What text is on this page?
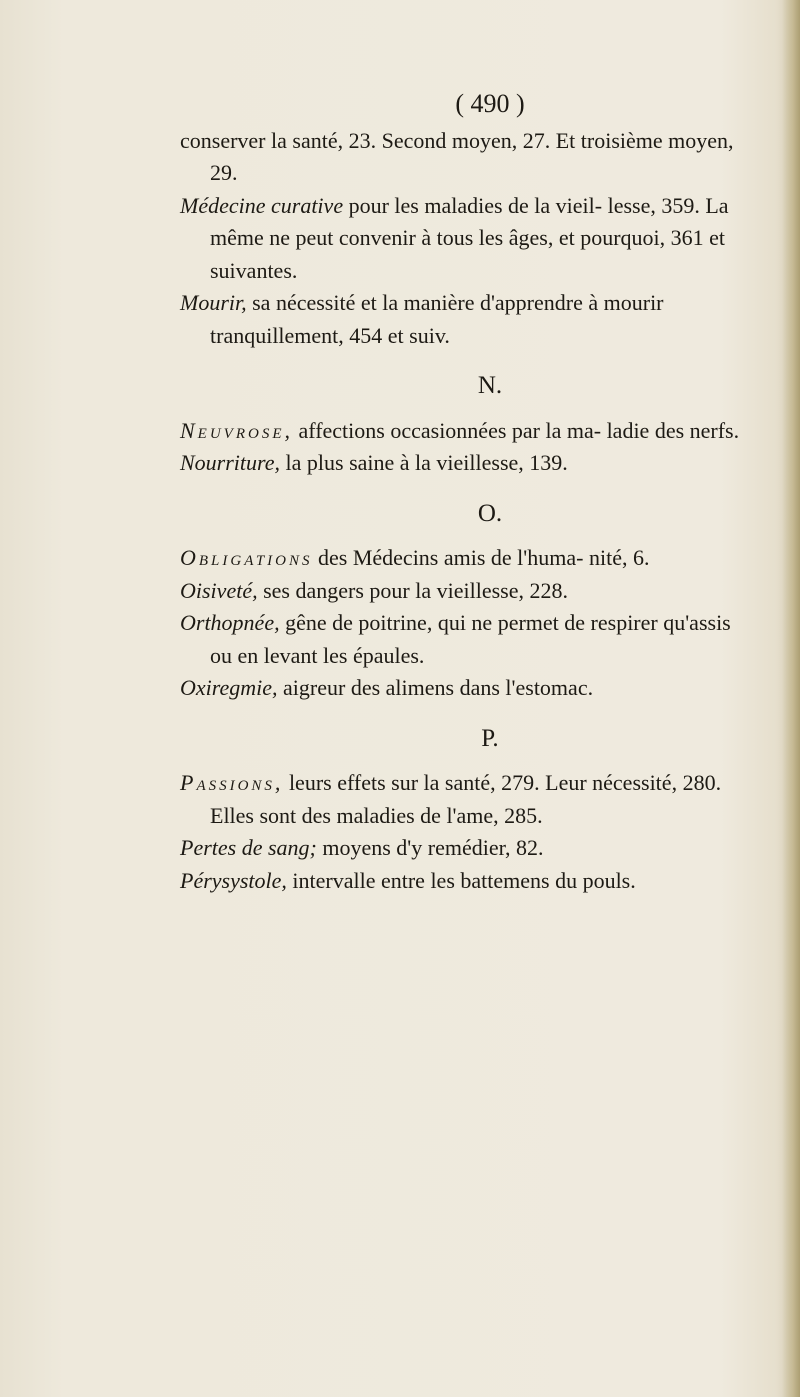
( 490 )

conserver la santé, 23. Second moyen, 27. Et troisième moyen, 29.

Médecine curative pour les maladies de la vieil- lesse, 359. La même ne peut convenir à tous les âges, et pourquoi, 361 et suivantes.

Mourir, sa nécessité et la manière d'apprendre à mourir tranquillement, 454 et suiv.

N.

Neuvrose, affections occasionnées par la ma- ladie des nerfs.

Nourriture, la plus saine à la vieillesse, 139.

O.

Obligations des Médecins amis de l'huma- nité, 6.

Oisiveté, ses dangers pour la vieillesse, 228.

Orthopnée, gêne de poitrine, qui ne permet de respirer qu'assis ou en levant les épaules.

Oxiregmie, aigreur des alimens dans l'estomac.

P.

Passions, leurs effets sur la santé, 279. Leur nécessité, 280. Elles sont des maladies de l'ame, 285.

Pertes de sang; moyens d'y remédier, 82.

Pérysystole, intervalle entre les battemens du pouls.
